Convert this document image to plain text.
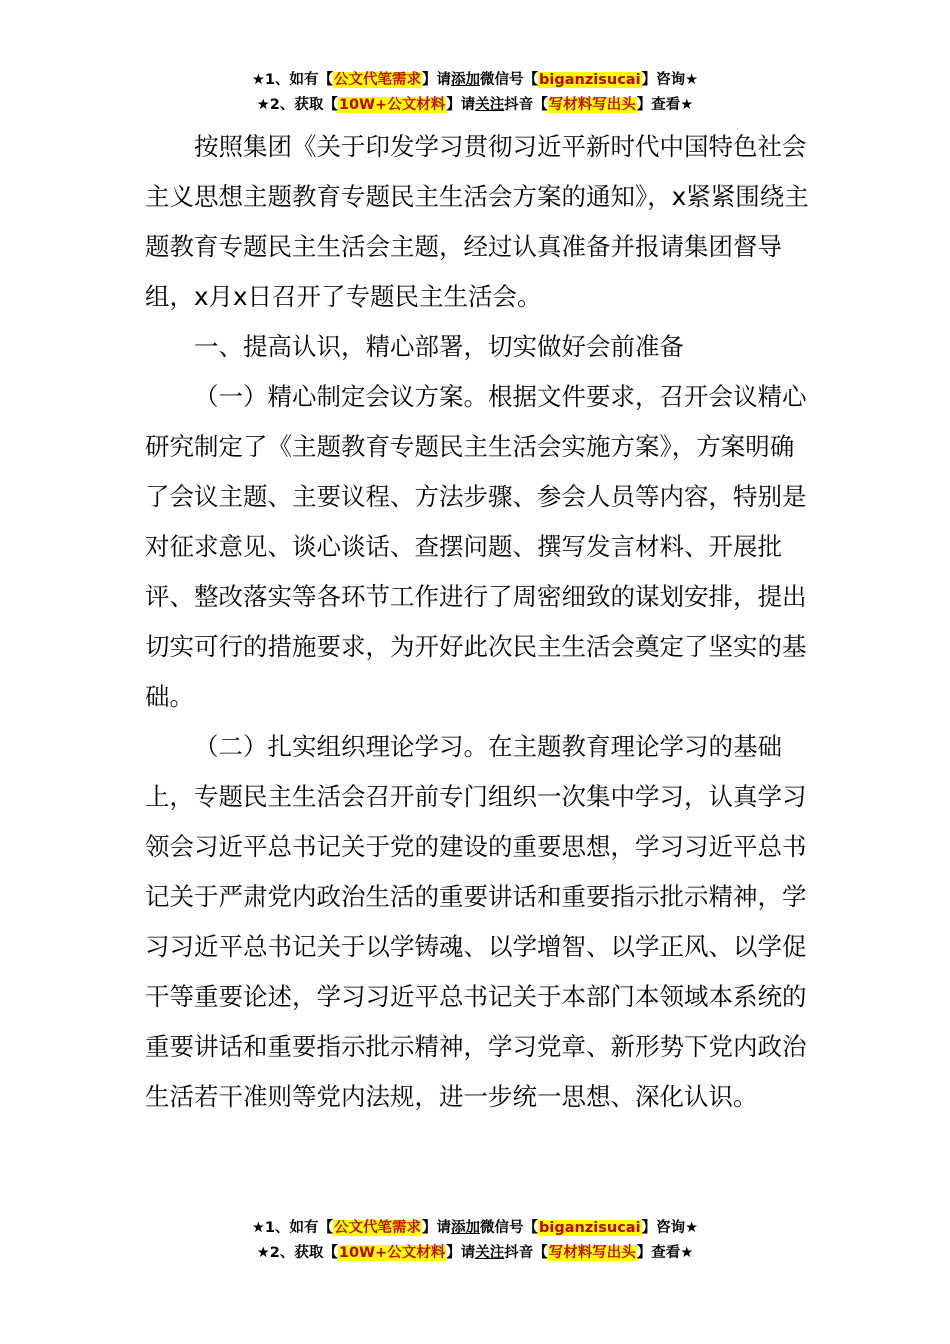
★1、如有【公文代笔需求】请添加微信号【biganzisucai】咨询★
★2、获取【10W+公文材料】请关注抖音【写材料写出头】查看★

按照集团《关于印发学习贯彻习近平新时代中国特色社会主义思想主题教育专题民主生活会方案的通知》，x紧紧围绕主题教育专题民主生活会主题，经过认真准备并报请集团督导组，x月x日召开了专题民主生活会。

一、提高认识，精心部署，切实做好会前准备

（一）精心制定会议方案。根据文件要求，召开会议精心研究制定了《主题教育专题民主生活会实施方案》，方案明确了会议主题、主要议程、方法步骤、参会人员等内容，特别是对征求意见、谈心谈话、查摆问题、撰写发言材料、开展批评、整改落实等各环节工作进行了周密细致的谋划安排，提出切实可行的措施要求，为开好此次民主生活会奠定了坚实的基础。

（二）扎实组织理论学习。在主题教育理论学习的基础上，专题民主生活会召开前专门组织一次集中学习，认真学习领会习近平总书记关于党的建设的重要思想，学习习近平总书记关于严肃党内政治生活的重要讲话和重要指示批示精神，学习习近平总书记关于以学铸魂、以学增智、以学正风、以学促干等重要论述，学习习近平总书记关于本部门本领域本系统的重要讲话和重要指示批示精神，学习党章、新形势下党内政治生活若干准则等党内法规，进一步统一思想、深化认识。

★1、如有【公文代笔需求】请添加微信号【biganzisucai】咨询★
★2、获取【10W+公文材料】请关注抖音【写材料写出头】查看★
